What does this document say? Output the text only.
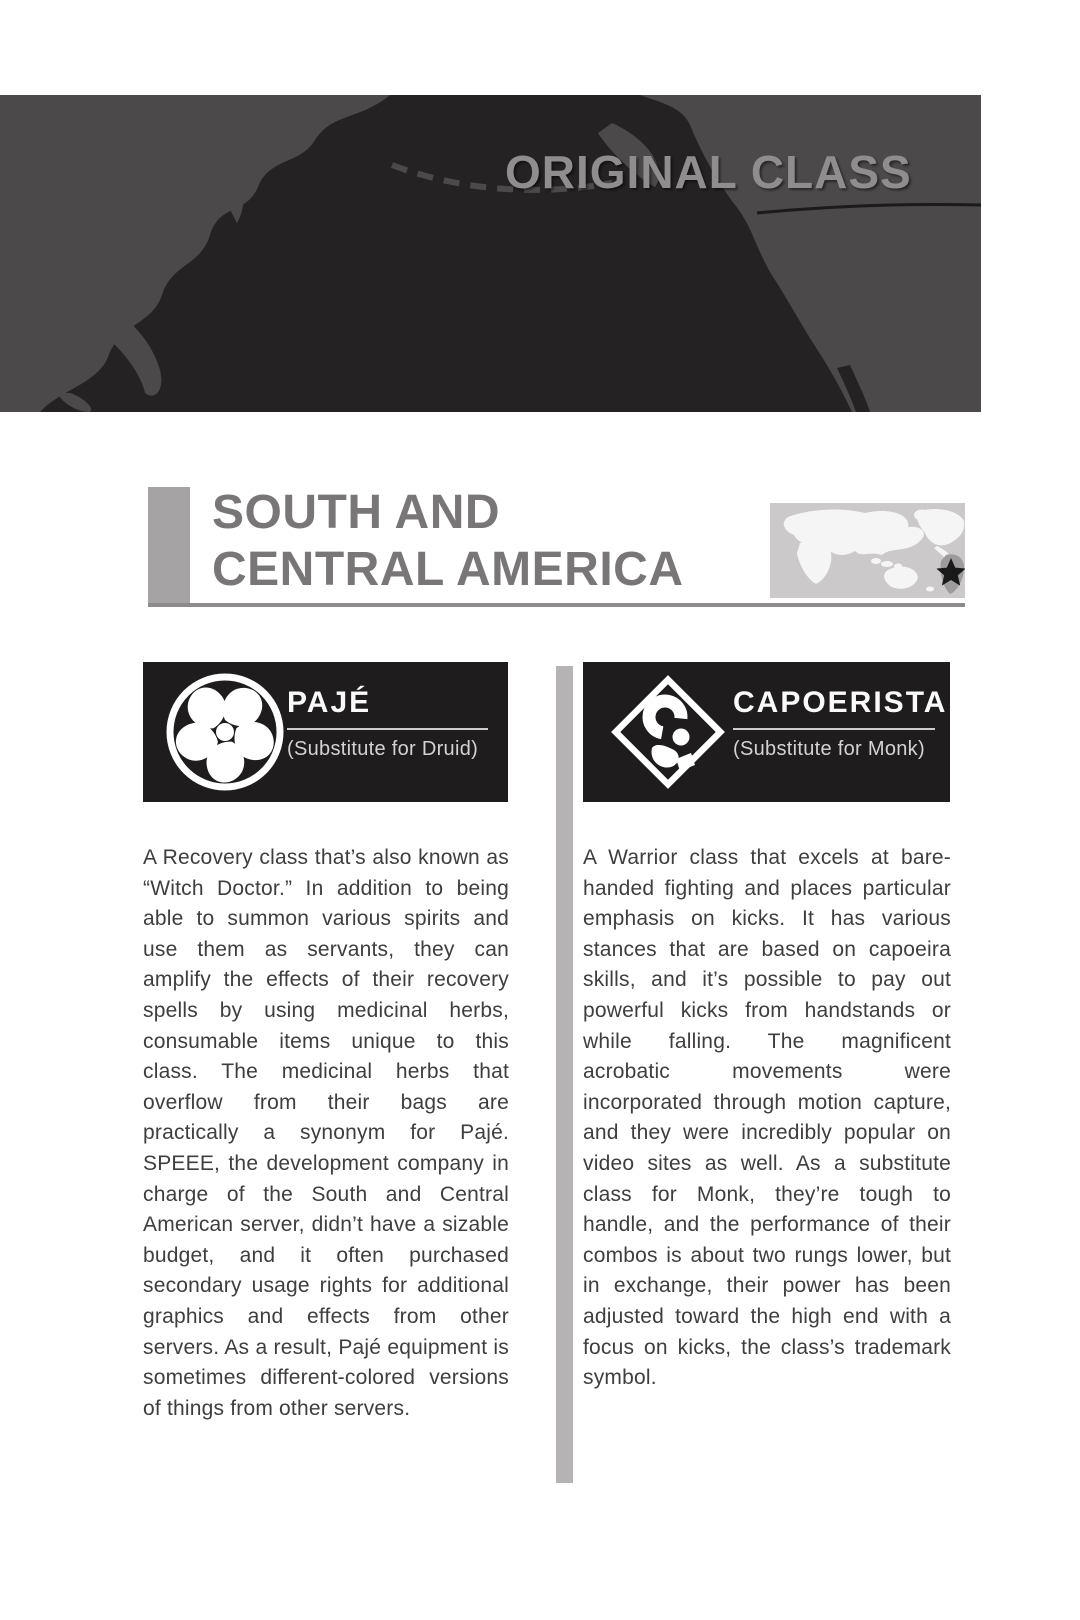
ORIGINAL CLASS
SOUTH AND
CENTRAL AMERICA
PAJÉ
(Substitute for Druid)
CAPOERISTA
(Substitute for Monk)
A Recovery class that’s also known as “Witch Doctor.” In addition to being able to summon various spirits and use them as servants, they can amplify the effects of their recovery spells by using medicinal herbs, consumable items unique to this class. The medicinal herbs that overflow from their bags are practically a synonym for Pajé. SPEEE, the development company in charge of the South and Central American server, didn’t have a sizable budget, and it often purchased secondary usage rights for additional graphics and effects from other servers. As a result, Pajé equipment is sometimes different-colored versions of things from other servers.
A Warrior class that excels at bare-handed fighting and places particular emphasis on kicks. It has various stances that are based on capoeira skills, and it’s possible to pay out powerful kicks from handstands or while falling. The magnificent acrobatic movements were incorporated through motion capture, and they were incredibly popular on video sites as well. As a substitute class for Monk, they’re tough to handle, and the performance of their combos is about two rungs lower, but in exchange, their power has been adjusted toward the high end with a focus on kicks, the class’s trademark symbol.
